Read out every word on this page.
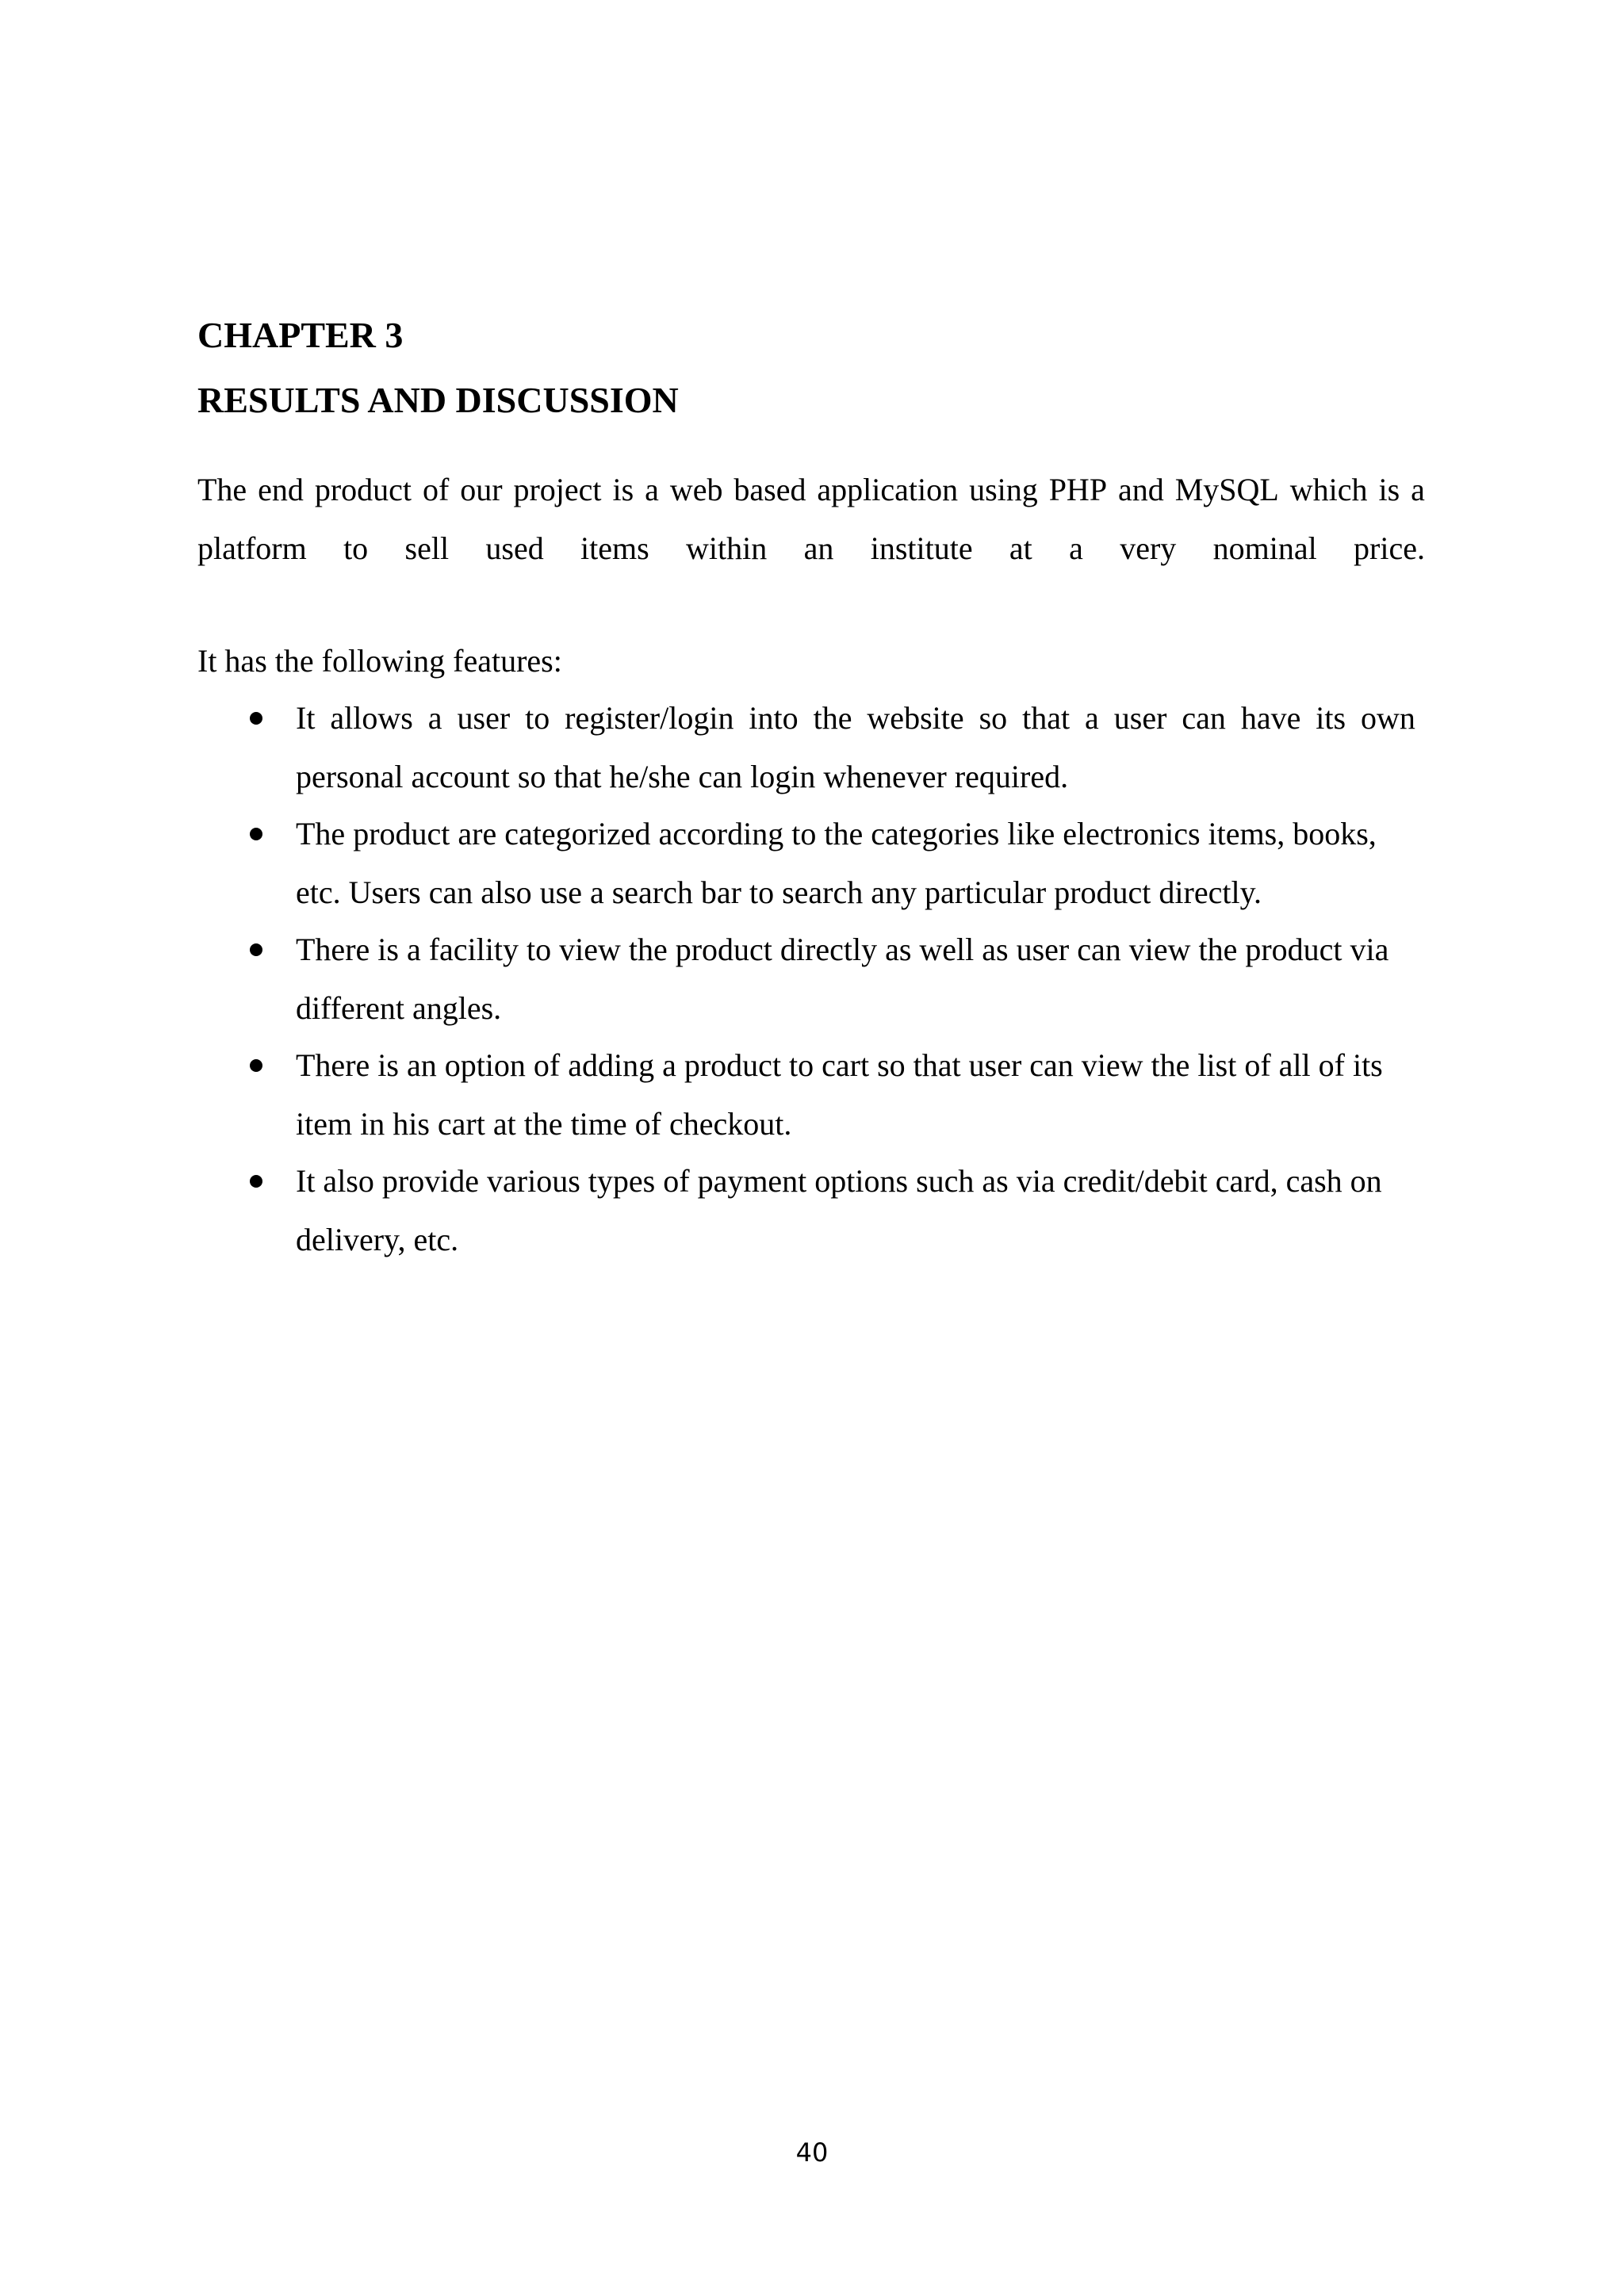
CHAPTER 3
RESULTS AND DISCUSSION

The end product of our project is a web based application using PHP and MySQL which is a

platform to sell used items within an institute at a very nominal price.

It has the following features:

It allows a user to register/login into the website so that a user can have its own

personal account so that he/she can login whenever required.

The product are categorized according to the categories like electronics items, books,

etc. Users can also use a search bar to search any particular product directly.

There is a facility to view the product directly as well as user can view the product via

different angles.

There is an option of adding a product to cart so that user can view the list of all of its

item in his cart at the time of checkout.

It also provide various types of payment options such as via credit/debit card, cash on

delivery, etc.

40
